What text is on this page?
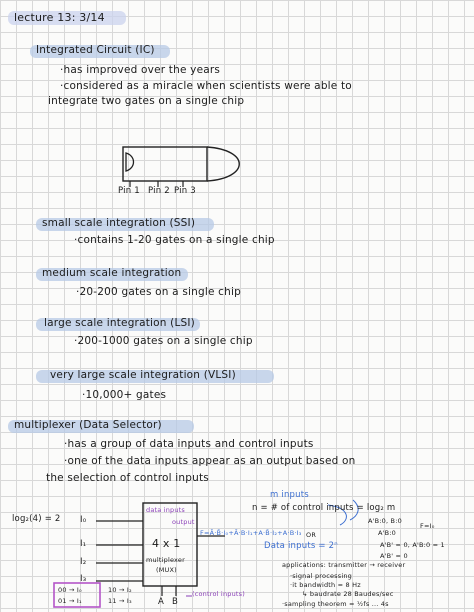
lecture 13: 3/14
Integrated Circuit (IC)
·has improved over the years
·considered as a miracle when scientists were able to
integrate two gates on a single chip
Pin 1 Pin 2 Pin 3
small scale integration (SSI)
·contains 1-20 gates on a single chip
medium scale integration
·20-200 gates on a single chip
large scale integration (LSI)
·200-1000 gates on a single chip
very large scale integration (VLSI)
·10,000+ gates
multiplexer (Data Selector)
·has a group of data inputs and control inputs
·one of the data inputs appear as an output based on
the selection of control inputs
log₂(4) = 2 I₀
I₁
I₂
I₃
data inputs
output
4 x 1
multiplexer
(MUX)
A B
(control inputs)
00 → I₀
01 → I₁
10 → I₂
11 → I₃
F=Ā·B̄·I₀+Ā·B·I₁+A·B̄·I₂+A·B·I₃
m inputs
n = # of control inputs = log₂ m
OR
Data inputs = 2ⁿ
A'B:0, B:0
A'B:0
F=I₀
A'B' = 0, A'B:0 = 1
A'B' = 0
applications: transmitter → receiver
·signal processing
·it bandwidth = 8 Hz
↳ baudrate 28 Baudes/sec
·sampling theorem = ½fs ... 4s
